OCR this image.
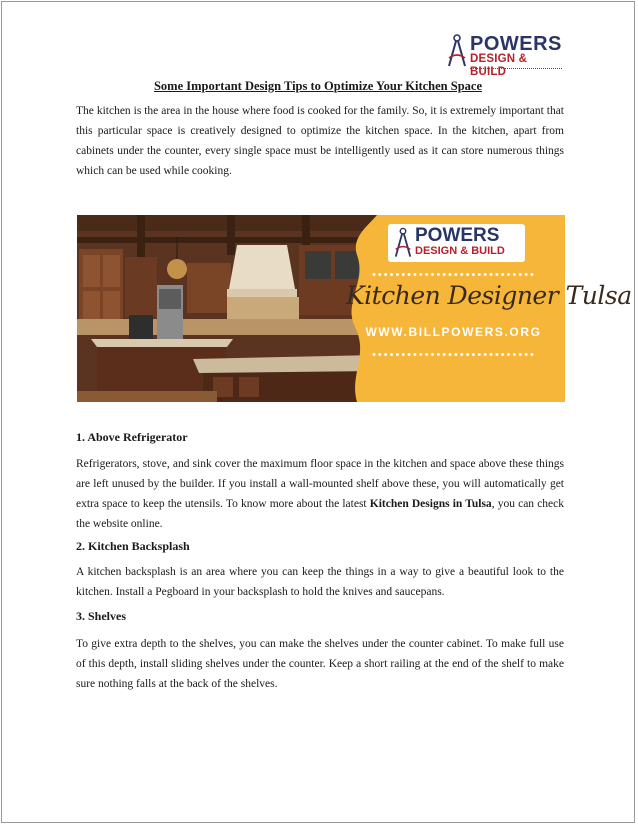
POWERS
DESIGN & BUILD
Some Important Design Tips to Optimize Your Kitchen Space

The kitchen is the area in the house where food is cooked for the family. So, it is extremely important that this particular space is creatively designed to optimize the kitchen space. In the kitchen, apart from cabinets under the counter, every single space must be intelligently used as it can store numerous things which can be used while cooking.

POWERS
DESIGN & BUILD
••••••••••••••••••••••••••••
Kitchen Designer Tulsa
WWW.BILLPOWERS.ORG
••••••••••••••••••••••••••••
1. Above Refrigerator

Refrigerators, stove, and sink cover the maximum floor space in the kitchen and space above these things are left unused by the builder. If you install a wall-mounted shelf above these, you will automatically get extra space to keep the utensils. To know more about the latest Kitchen Designs in Tulsa, you can check the website online.

2. Kitchen Backsplash

A kitchen backsplash is an area where you can keep the things in a way to give a beautiful look to the kitchen. Install a Pegboard in your backsplash to hold the knives and saucepans.

3. Shelves

To give extra depth to the shelves, you can make the shelves under the counter cabinet. To make full use of this depth, install sliding shelves under the counter. Keep a short railing at the end of the shelf to make sure nothing falls at the back of the shelves.
